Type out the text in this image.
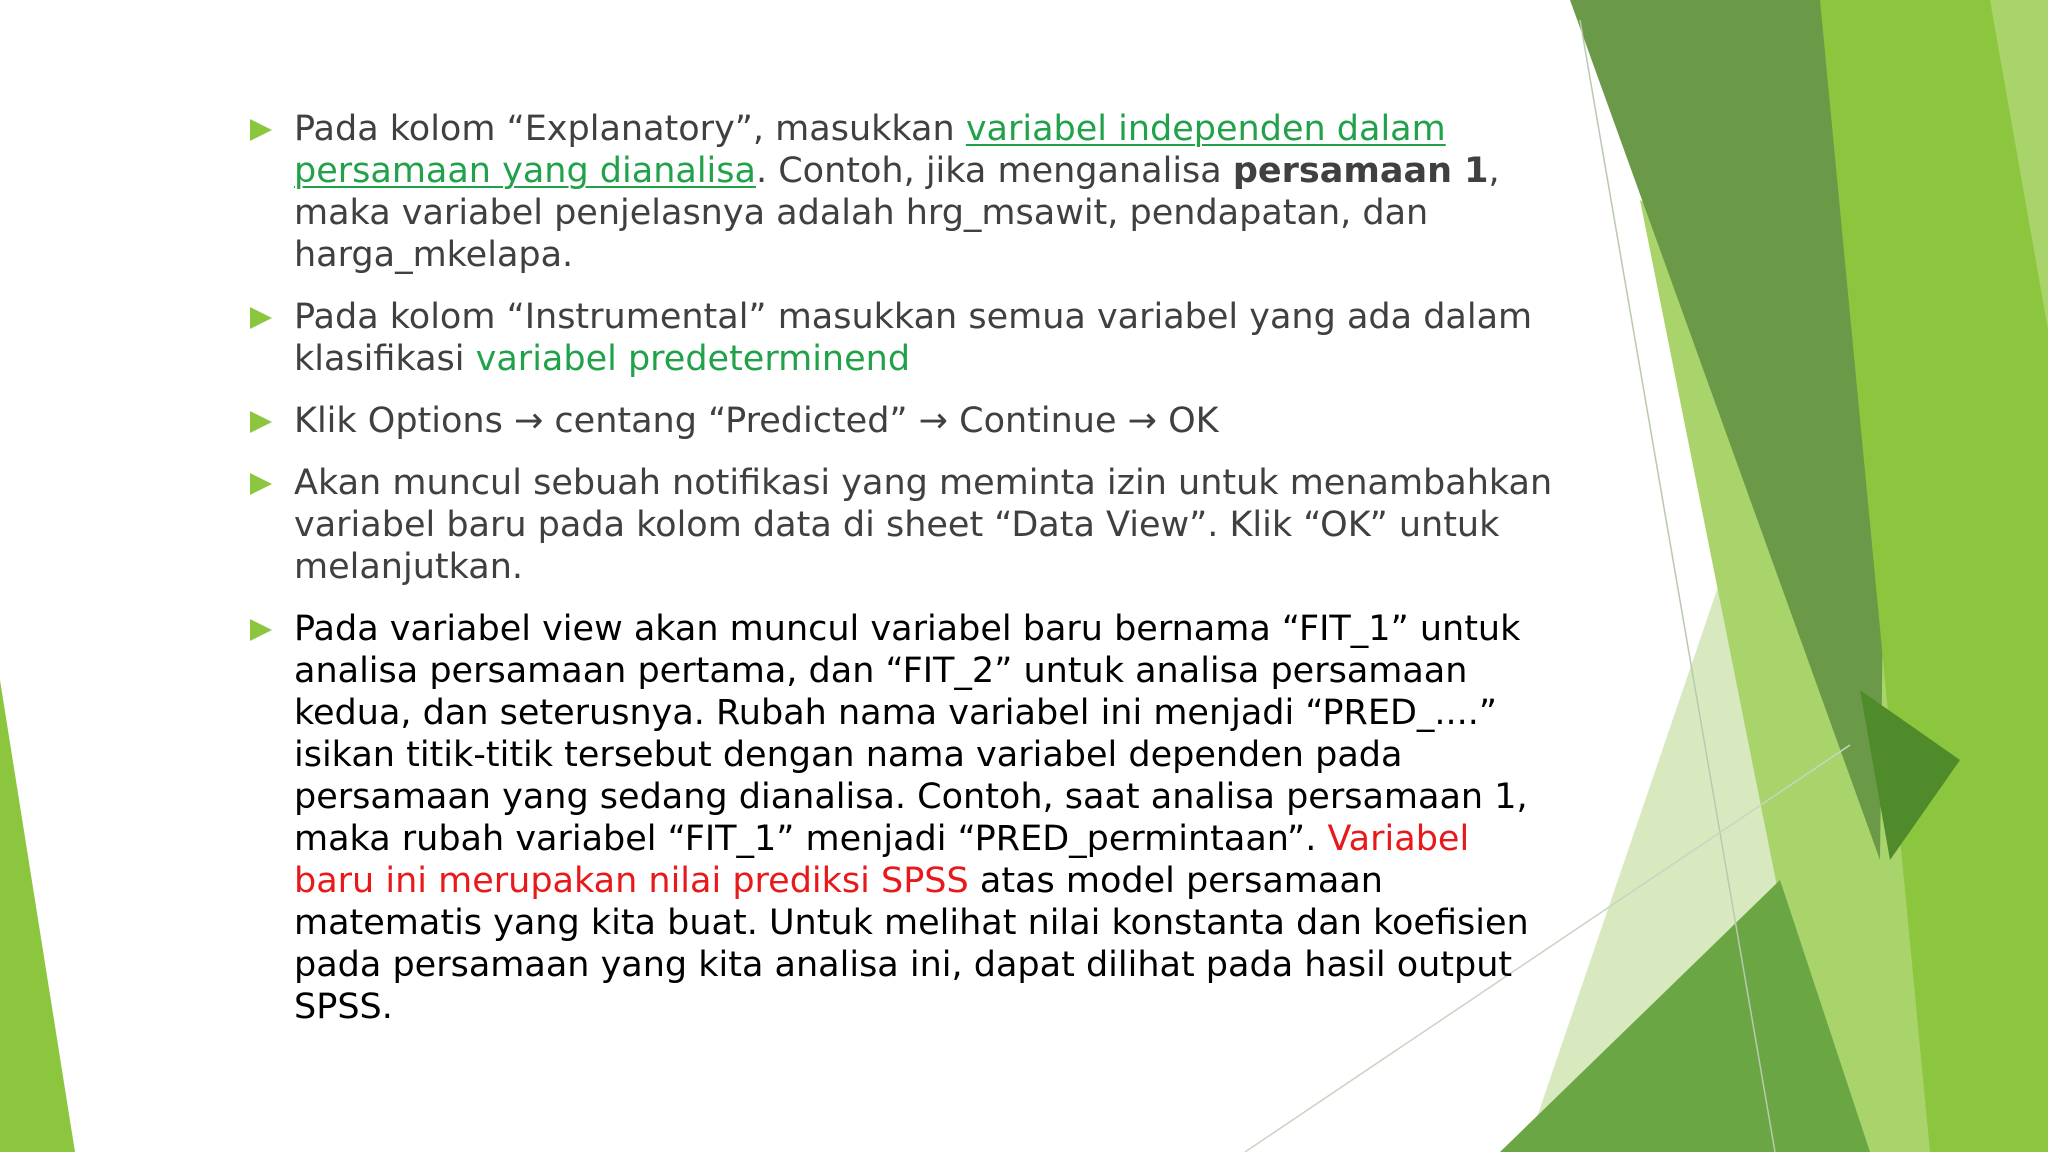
Pada kolom “Explanatory”, masukkan variabel independen dalam persamaan yang dianalisa. Contoh, jika menganalisa persamaan 1, maka variabel penjelasnya adalah hrg_msawit, pendapatan, dan harga_mkelapa.
Pada kolom “Instrumental” masukkan semua variabel yang ada dalam klasifikasi variabel predeterminend
Klik Options → centang “Predicted” → Continue → OK
Akan muncul sebuah notifikasi yang meminta izin untuk menambahkan variabel baru pada kolom data di sheet “Data View”. Klik “OK” untuk melanjutkan.
Pada variabel view akan muncul variabel baru bernama “FIT_1” untuk analisa persamaan pertama, dan “FIT_2” untuk analisa persamaan kedua, dan seterusnya. Rubah nama variabel ini menjadi “PRED_....” isikan titik-titik tersebut dengan nama variabel dependen pada persamaan yang sedang dianalisa. Contoh, saat analisa persamaan 1, maka rubah variabel “FIT_1” menjadi “PRED_permintaan”. Variabel baru ini merupakan nilai prediksi SPSS atas model persamaan matematis yang kita buat. Untuk melihat nilai konstanta dan koefisien pada persamaan yang kita analisa ini, dapat dilihat pada hasil output SPSS.
